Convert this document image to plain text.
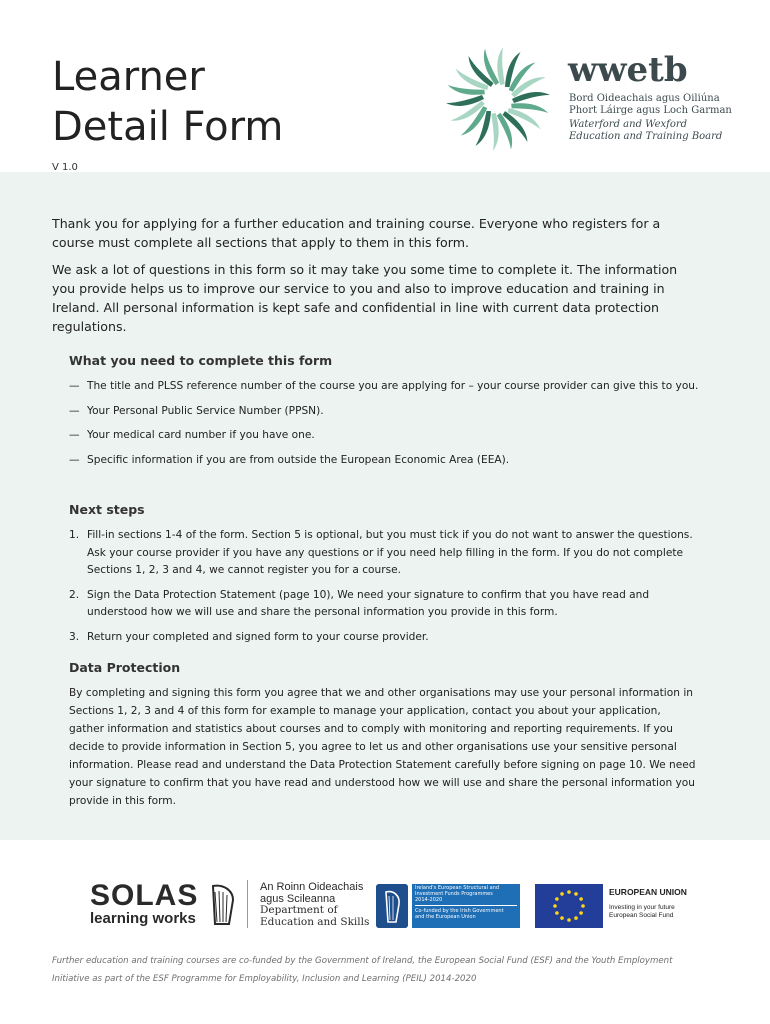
Learner
Detail Form
wwetb
Bord Oideachais agus Oiliúna
Phort Láirge agus Loch Garman
Waterford and Wexford
Education and Training Board
V 1.0
Thank you for applying for a further education and training course. Everyone who registers for a course must complete all sections that apply to them in this form.
We ask a lot of questions in this form so it may take you some time to complete it. The information you provide helps us to improve our service to you and also to improve education and training in Ireland. All personal information is kept safe and confidential in line with current data protection regulations.
What you need to complete this form
— The title and PLSS reference number of the course you are applying for – your course provider can give this to you.
— Your Personal Public Service Number (PPSN).
— Your medical card number if you have one.
— Specific information if you are from outside the European Economic Area (EEA).
Next steps
1. Fill-in sections 1-4 of the form. Section 5 is optional, but you must tick if you do not want to answer the questions. Ask your course provider if you have any questions or if you need help filling in the form. If you do not complete Sections 1, 2, 3 and 4, we cannot register you for a course.
2. Sign the Data Protection Statement (page 10), We need your signature to confirm that you have read and understood how we will use and share the personal information you provide in this form.
3. Return your completed and signed form to your course provider.
Data Protection
By completing and signing this form you agree that we and other organisations may use your personal information in Sections 1, 2, 3 and 4 of this form for example to manage your application, contact you about your application, gather information and statistics about courses and to comply with monitoring and reporting requirements. If you decide to provide information in Section 5, you agree to let us and other organisations use your sensitive personal information. Please read and understand the Data Protection Statement carefully before signing on page 10. We need your signature to confirm that you have read and understood how we will use and share the personal information you provide in this form.
SOLAS
learning works
An Roinn Oideachais
agus Scileanna
Department of
Education and Skills
Ireland's European Structural and
Investment Funds Programmes
2014-2020
Co-funded by the Irish Government
and the European Union
EUROPEAN UNION
Investing in your future
European Social Fund
Further education and training courses are co-funded by the Government of Ireland, the European Social Fund (ESF) and the Youth Employment Initiative as part of the ESF Programme for Employability, Inclusion and Learning (PEIL) 2014-2020
